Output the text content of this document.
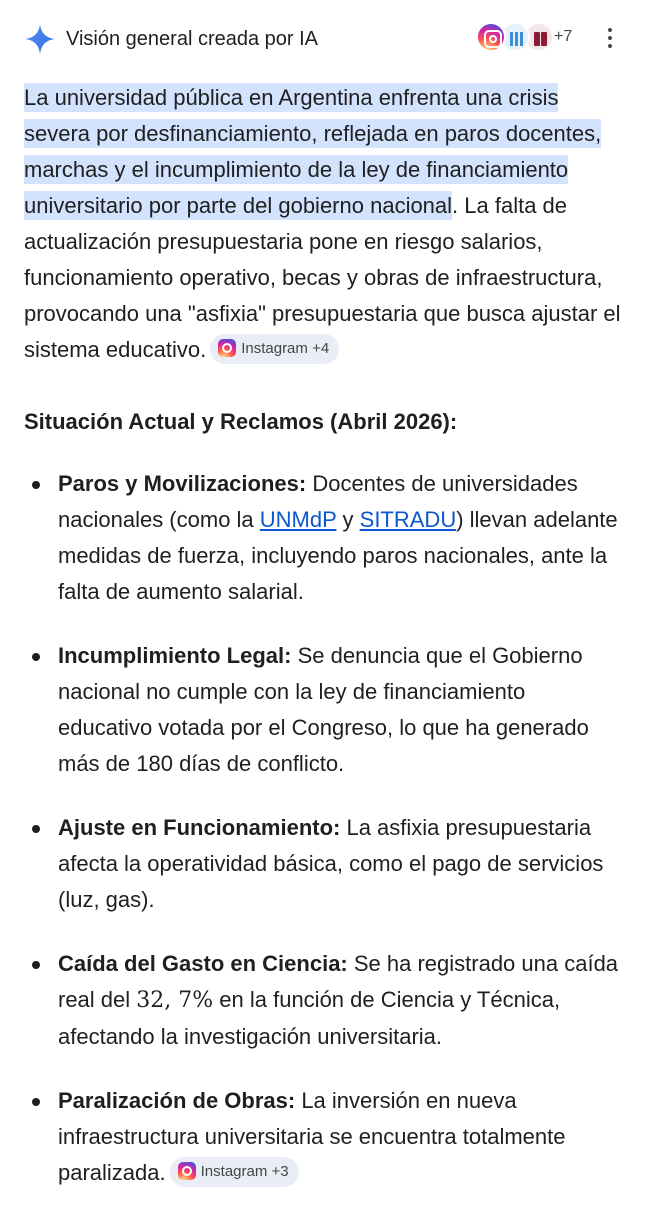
Visión general creada por IA	+7

La universidad pública en Argentina enfrenta una crisis severa por desfinanciamiento, reflejada en paros docentes, marchas y el incumplimiento de la ley de financiamiento universitario por parte del gobierno nacional. La falta de actualización presupuestaria pone en riesgo salarios, funcionamiento operativo, becas y obras de infraestructura, provocando una "asfixia" presupuestaria que busca ajustar el sistema educativo. Instagram +4

Situación Actual y Reclamos (Abril 2026):
Paros y Movilizaciones: Docentes de universidades nacionales (como la UNMdP y SITRADU) llevan adelante medidas de fuerza, incluyendo paros nacionales, ante la falta de aumento salarial.
Incumplimiento Legal: Se denuncia que el Gobierno nacional no cumple con la ley de financiamiento educativo votada por el Congreso, lo que ha generado más de 180 días de conflicto.
Ajuste en Funcionamiento: La asfixia presupuestaria afecta la operatividad básica, como el pago de servicios (luz, gas).
Caída del Gasto en Ciencia: Se ha registrado una caída real del 32, 7% en la función de Ciencia y Técnica, afectando la investigación universitaria.
Paralización de Obras: La inversión en nueva infraestructura universitaria se encuentra totalmente paralizada. Instagram +3
